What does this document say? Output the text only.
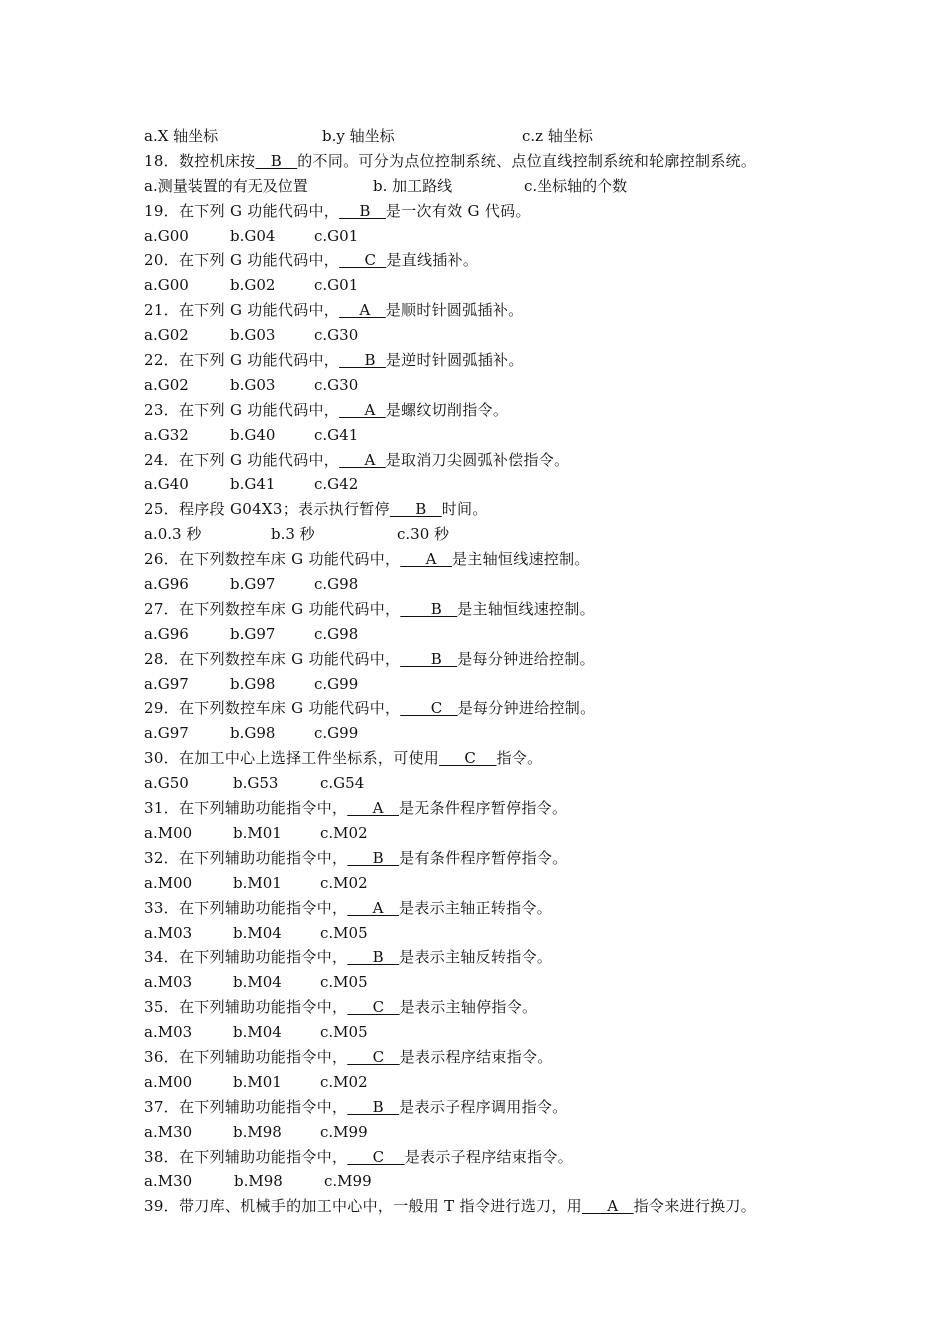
a.X 轴坐标	b.y 轴坐标	c.z 轴坐标
18．数控机床按   B   的不同。可分为点位控制系统、点位直线控制系统和轮廓控制系统。
a.测量装置的有无及位置	b. 加工路线	c.坐标轴的个数
19．在下列 G 功能代码中，    B   是一次有效 G 代码。
a.G00	b.G04	c.G01
20．在下列 G 功能代码中，     C  是直线插补。
a.G00	b.G02	c.G01
21．在下列 G 功能代码中，    A   是顺时针圆弧插补。
a.G02	b.G03	c.G30
22．在下列 G 功能代码中，     B  是逆时针圆弧插补。
a.G02	b.G03	c.G30
23．在下列 G 功能代码中，     A  是螺纹切削指令。
a.G32	b.G40	c.G41
24．在下列 G 功能代码中，     A  是取消刀尖圆弧补偿指令。
a.G40	b.G41	c.G42
25．程序段 G04X3；表示执行暂停     B   时间。
a.0.3 秒	b.3 秒	c.30 秒
26．在下列数控车床 G 功能代码中，     A   是主轴恒线速控制。
a.G96	b.G97	c.G98
27．在下列数控车床 G 功能代码中，      B   是主轴恒线速控制。
a.G96	b.G97	c.G98
28．在下列数控车床 G 功能代码中，      B   是每分钟进给控制。
a.G97	b.G98	c.G99
29．在下列数控车床 G 功能代码中，      C   是每分钟进给控制。
a.G97	b.G98	c.G99
30．在加工中心上选择工件坐标系，可使用     C    指令。
a.G50	b.G53	c.G54
31．在下列辅助功能指令中，     A   是无条件程序暂停指令。
a.M00	b.M01	c.M02
32．在下列辅助功能指令中，     B   是有条件程序暂停指令。
a.M00	b.M01	c.M02
33．在下列辅助功能指令中，     A   是表示主轴正转指令。
a.M03	b.M04	c.M05
34．在下列辅助功能指令中，     B   是表示主轴反转指令。
a.M03	b.M04	c.M05
35．在下列辅助功能指令中，     C   是表示主轴停指令。
a.M03	b.M04	c.M05
36．在下列辅助功能指令中，     C   是表示程序结束指令。
a.M00	b.M01	c.M02
37．在下列辅助功能指令中，     B   是表示子程序调用指令。
a.M30	b.M98	c.M99
38．在下列辅助功能指令中，     C    是表示子程序结束指令。
a.M30	b.M98	c.M99
39．带刀库、机械手的加工中心中，一般用 T 指令进行选刀，用     A   指令来进行换刀。
